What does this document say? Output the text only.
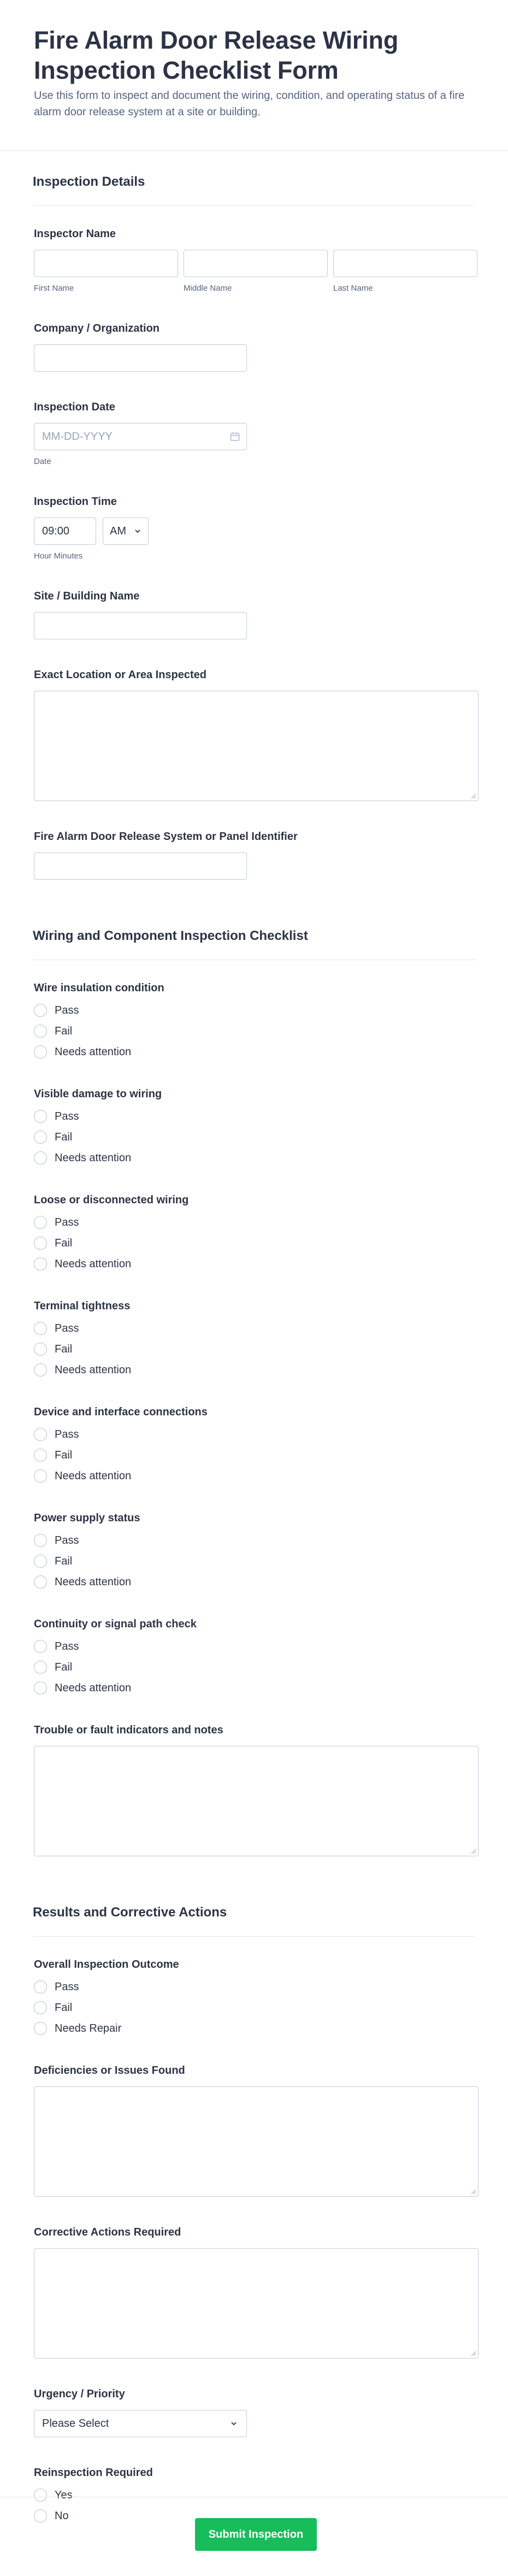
Fire Alarm Door Release Wiring Inspection Checklist Form

Use this form to inspect and document the wiring, condition, and operating status of a fire alarm door release system at a site or building.

Inspection Details
Inspector Name
First Name	Middle Name	Last Name
Company / Organization
Inspection Date
MM-DD-YYYY
Date
Inspection Time
09:00
AM
Hour Minutes
Site / Building Name
Exact Location or Area Inspected
Fire Alarm Door Release System or Panel Identifier
Wiring and Component Inspection Checklist
Wire insulation condition
Pass
Fail
Needs attention
Visible damage to wiring
Pass
Fail
Needs attention
Loose or disconnected wiring
Pass
Fail
Needs attention
Terminal tightness
Pass
Fail
Needs attention
Device and interface connections
Pass
Fail
Needs attention
Power supply status
Pass
Fail
Needs attention
Continuity or signal path check
Pass
Fail
Needs attention
Trouble or fault indicators and notes
Results and Corrective Actions
Overall Inspection Outcome
Pass
Fail
Needs Repair
Deficiencies or Issues Found
Corrective Actions Required
Urgency / Priority
Please Select
Reinspection Required
Yes
No
Submit Inspection
